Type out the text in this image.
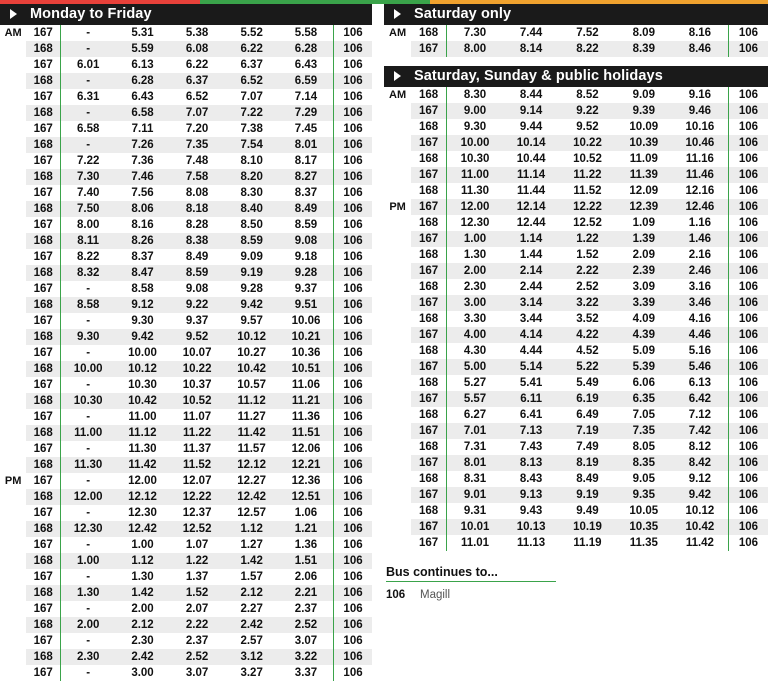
Monday to Friday
AM	167	-	5.31	5.38	5.52	5.58	106
	168	-	5.59	6.08	6.22	6.28	106
	167	6.01	6.13	6.22	6.37	6.43	106
	168	-	6.28	6.37	6.52	6.59	106
	167	6.31	6.43	6.52	7.07	7.14	106
	168	-	6.58	7.07	7.22	7.29	106
	167	6.58	7.11	7.20	7.38	7.45	106
	168	-	7.26	7.35	7.54	8.01	106
	167	7.22	7.36	7.48	8.10	8.17	106
	168	7.30	7.46	7.58	8.20	8.27	106
	167	7.40	7.56	8.08	8.30	8.37	106
	168	7.50	8.06	8.18	8.40	8.49	106
	167	8.00	8.16	8.28	8.50	8.59	106
	168	8.11	8.26	8.38	8.59	9.08	106
	167	8.22	8.37	8.49	9.09	9.18	106
	168	8.32	8.47	8.59	9.19	9.28	106
	167	-	8.58	9.08	9.28	9.37	106
	168	8.58	9.12	9.22	9.42	9.51	106
	167	-	9.30	9.37	9.57	10.06	106
	168	9.30	9.42	9.52	10.12	10.21	106
	167	-	10.00	10.07	10.27	10.36	106
	168	10.00	10.12	10.22	10.42	10.51	106
	167	-	10.30	10.37	10.57	11.06	106
	168	10.30	10.42	10.52	11.12	11.21	106
	167	-	11.00	11.07	11.27	11.36	106
	168	11.00	11.12	11.22	11.42	11.51	106
	167	-	11.30	11.37	11.57	12.06	106
	168	11.30	11.42	11.52	12.12	12.21	106
PM	167	-	12.00	12.07	12.27	12.36	106
	168	12.00	12.12	12.22	12.42	12.51	106
	167	-	12.30	12.37	12.57	1.06	106
	168	12.30	12.42	12.52	1.12	1.21	106
	167	-	1.00	1.07	1.27	1.36	106
	168	1.00	1.12	1.22	1.42	1.51	106
	167	-	1.30	1.37	1.57	2.06	106
	168	1.30	1.42	1.52	2.12	2.21	106
	167	-	2.00	2.07	2.27	2.37	106
	168	2.00	2.12	2.22	2.42	2.52	106
	167	-	2.30	2.37	2.57	3.07	106
	168	2.30	2.42	2.52	3.12	3.22	106
	167	-	3.00	3.07	3.27	3.37	106
Saturday only
AM	168	7.30	7.44	7.52	8.09	8.16	106
	167	8.00	8.14	8.22	8.39	8.46	106
Saturday, Sunday & public holidays
AM	168	8.30	8.44	8.52	9.09	9.16	106
	167	9.00	9.14	9.22	9.39	9.46	106
	168	9.30	9.44	9.52	10.09	10.16	106
	167	10.00	10.14	10.22	10.39	10.46	106
	168	10.30	10.44	10.52	11.09	11.16	106
	167	11.00	11.14	11.22	11.39	11.46	106
	168	11.30	11.44	11.52	12.09	12.16	106
PM	167	12.00	12.14	12.22	12.39	12.46	106
	168	12.30	12.44	12.52	1.09	1.16	106
	167	1.00	1.14	1.22	1.39	1.46	106
	168	1.30	1.44	1.52	2.09	2.16	106
	167	2.00	2.14	2.22	2.39	2.46	106
	168	2.30	2.44	2.52	3.09	3.16	106
	167	3.00	3.14	3.22	3.39	3.46	106
	168	3.30	3.44	3.52	4.09	4.16	106
	167	4.00	4.14	4.22	4.39	4.46	106
	168	4.30	4.44	4.52	5.09	5.16	106
	167	5.00	5.14	5.22	5.39	5.46	106
	168	5.27	5.41	5.49	6.06	6.13	106
	167	5.57	6.11	6.19	6.35	6.42	106
	168	6.27	6.41	6.49	7.05	7.12	106
	167	7.01	7.13	7.19	7.35	7.42	106
	168	7.31	7.43	7.49	8.05	8.12	106
	167	8.01	8.13	8.19	8.35	8.42	106
	168	8.31	8.43	8.49	9.05	9.12	106
	167	9.01	9.13	9.19	9.35	9.42	106
	168	9.31	9.43	9.49	10.05	10.12	106
	167	10.01	10.13	10.19	10.35	10.42	106
	167	11.01	11.13	11.19	11.35	11.42	106
Bus continues to...
106	Magill
